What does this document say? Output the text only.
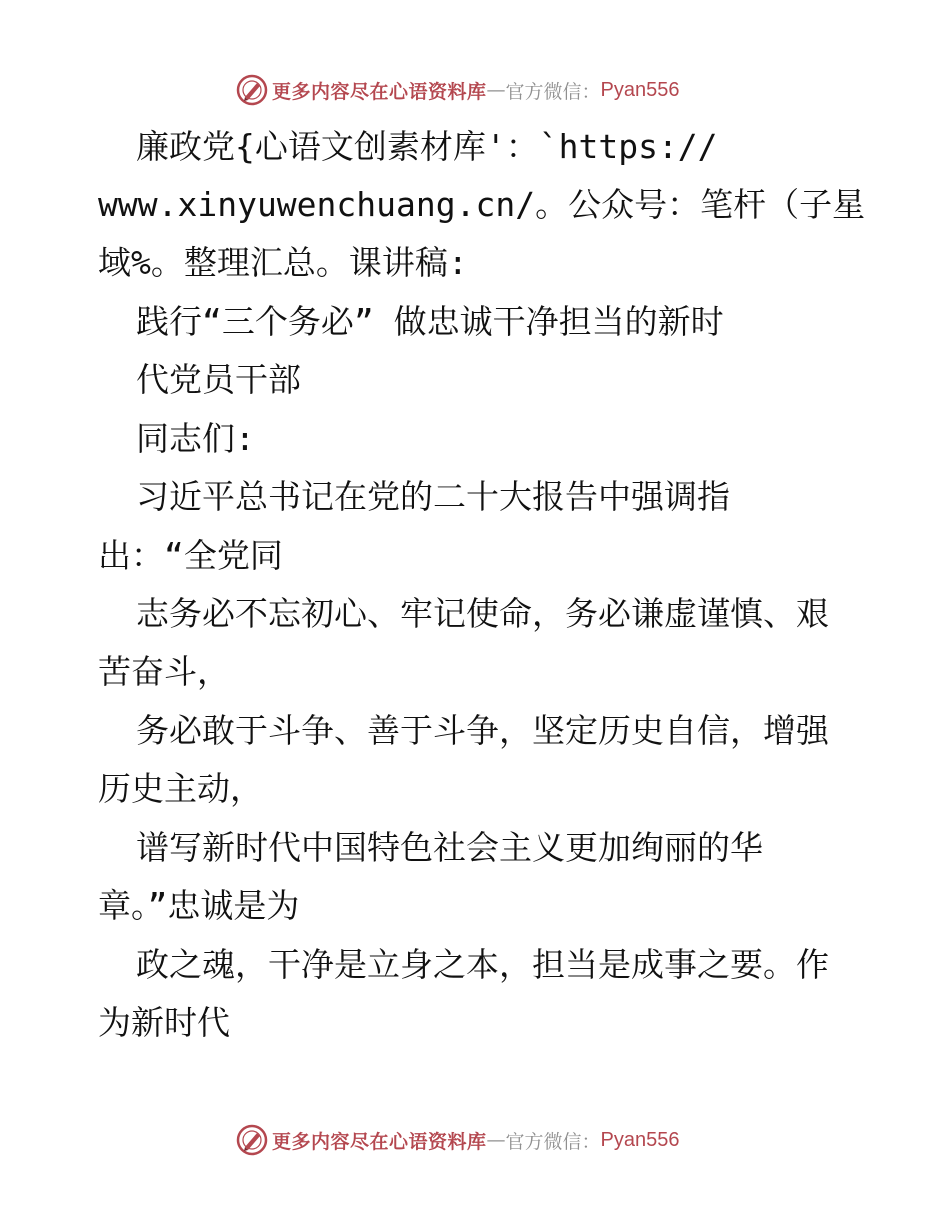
更多内容尽在心语资料库 — 官方微信： Pyan556
廉政党{心语文创素材库'：`https://
www.xinyuwenchuang.cn/。公众号：笔杆（子星
域%。整理汇总。课讲稿:
践行“三个务必” 做忠诚干净担当的新时
代党员干部
同志们:
习近平总书记在党的二十大报告中强调指
出：“全党同
志务必不忘初心、牢记使命，务必谦虚谨慎、艰
苦奋斗，
务必敢于斗争、善于斗争，坚定历史自信，增强
历史主动，
谱写新时代中国特色社会主义更加绚丽的华
章。”忠诚是为
政之魂，干净是立身之本，担当是成事之要。作
为新时代
更多内容尽在心语资料库 — 官方微信： Pyan556
